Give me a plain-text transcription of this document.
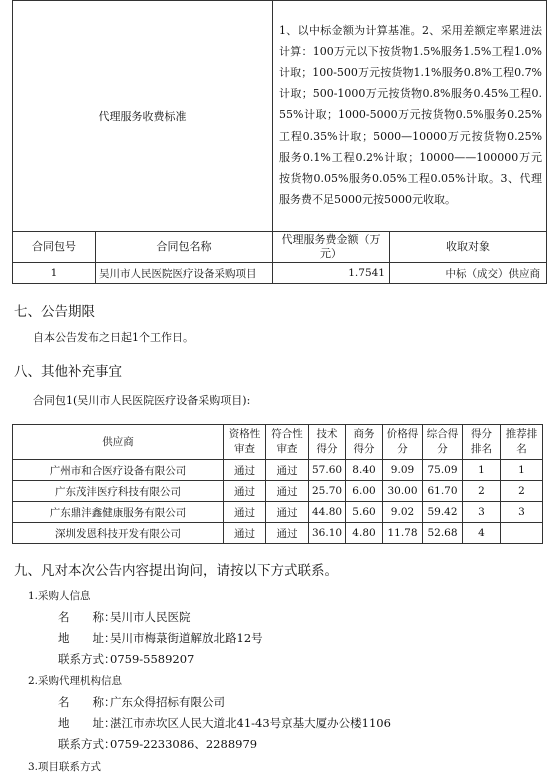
代理服务收费标准		1、以中标金额为计算基准。2、采用差额定率累进法计算：100万元以下按货物1.5%服务1.5%工程1.0%计取；100-500万元按货物1.1%服务0.8%工程0.7%计取；500-1000万元按货物0.8%服务0.45%工程0.55%计取；1000-5000万元按货物0.5%服务0.25%工程0.35%计取；5000—10000万元按货物0.25%服务0.1%工程0.2%计取；10000——100000万元按货物0.05%服务0.05%工程0.05%计取。3、代理服务费不足5000元按5000元收取。	
合同包号	合同包名称	代理服务费金额（万元）	收取对象
1	吴川市人民医院医疗设备采购项目	1.7541	中标（成交）供应商
七、公告期限
自本公告发布之日起1个工作日。
八、其他补充事宜
合同包1(吴川市人民医院医疗设备采购项目):
供应商	资格性审查	符合性审查	技术得分	商务得分	价格得分	综合得分	得分排名	推荐排名
广州市和合医疗设备有限公司	通过	通过	57.60	8.40	9.09	75.09	1	1
广东茂沣医疗科技有限公司	通过	通过	25.70	6.00	30.00	61.70	2	2
广东鼎沣鑫健康服务有限公司	通过	通过	44.80	5.60	9.02	59.42	3	3
深圳发恩科技开发有限公司	通过	通过	36.10	4.80	11.78	52.68	4	
九、凡对本次公告内容提出询问，请按以下方式联系。
1.采购人信息
名　　称：吴川市人民医院
地　　址：吴川市梅菉街道解放北路12号
联系方式：0759-5589207
2.采购代理机构信息
名　　称：广东众得招标有限公司
地　　址：湛江市赤坎区人民大道北41-43号京基大厦办公楼1106
联系方式：0759-2233086、2288979
3.项目联系方式
